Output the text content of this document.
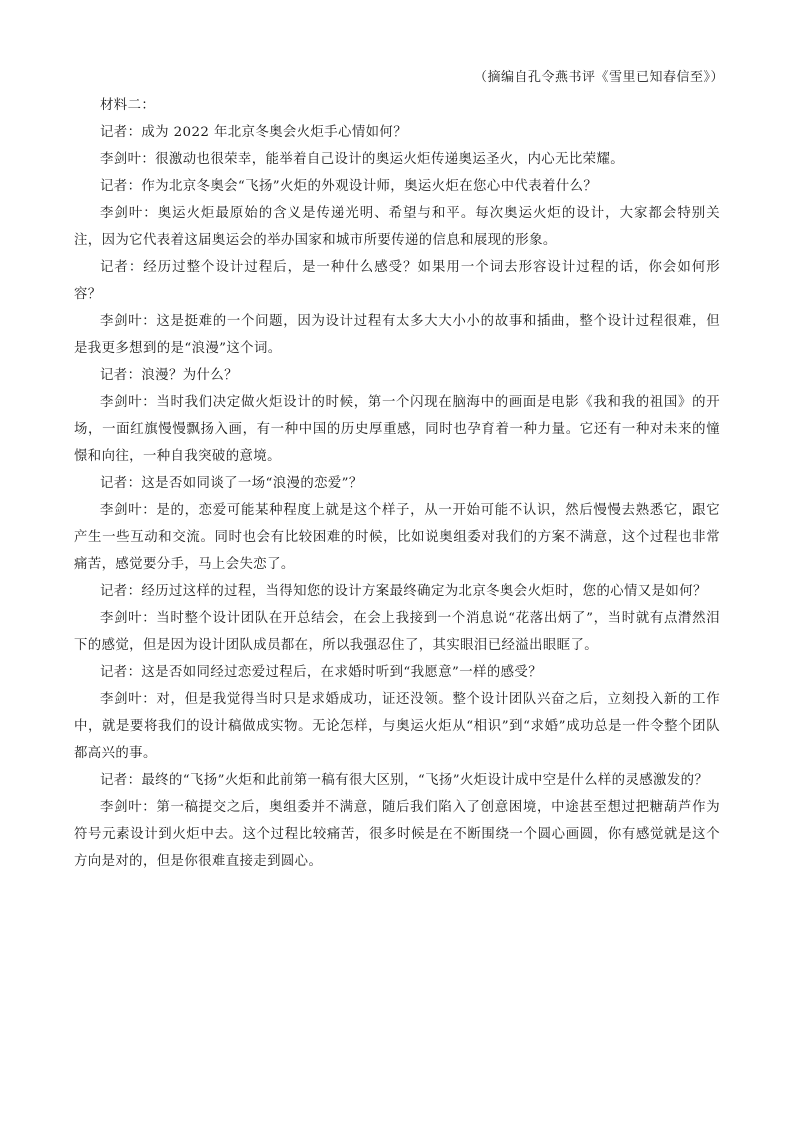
（摘编自孔令燕书评《雪里已知春信至》）

材料二：

记者：成为 2022 年北京冬奥会火炬手心情如何？

李剑叶：很激动也很荣幸，能举着自己设计的奥运火炬传递奥运圣火，内心无比荣耀。

记者：作为北京冬奥会“飞扬”火炬的外观设计师，奥运火炬在您心中代表着什么？

李剑叶：奥运火炬最原始的含义是传递光明、希望与和平。每次奥运火炬的设计，大家都会特别关注，因为它代表着这届奥运会的举办国家和城市所要传递的信息和展现的形象。

记者：经历过整个设计过程后，是一种什么感受？如果用一个词去形容设计过程的话，你会如何形容？

李剑叶：这是挺难的一个问题，因为设计过程有太多大大小小的故事和插曲，整个设计过程很难，但是我更多想到的是“浪漫”这个词。

记者：浪漫？为什么？

李剑叶：当时我们决定做火炬设计的时候，第一个闪现在脑海中的画面是电影《我和我的祖国》的开场，一面红旗慢慢飘扬入画，有一种中国的历史厚重感，同时也孕育着一种力量。它还有一种对未来的憧憬和向往，一种自我突破的意境。

记者：这是否如同谈了一场“浪漫的恋爱”？

李剑叶：是的，恋爱可能某种程度上就是这个样子，从一开始可能不认识，然后慢慢去熟悉它，跟它产生一些互动和交流。同时也会有比较困难的时候，比如说奥组委对我们的方案不满意，这个过程也非常痛苦，感觉要分手，马上会失恋了。

记者：经历过这样的过程，当得知您的设计方案最终确定为北京冬奥会火炬时，您的心情又是如何？

李剑叶：当时整个设计团队在开总结会，在会上我接到一个消息说“花落出炳了”，当时就有点潸然泪下的感觉，但是因为设计团队成员都在，所以我强忍住了，其实眼泪已经溢出眼眶了。

记者：这是否如同经过恋爱过程后，在求婚时听到“我愿意”一样的感受？

李剑叶：对，但是我觉得当时只是求婚成功，证还没领。整个设计团队兴奋之后，立刻投入新的工作中，就是要将我们的设计稿做成实物。无论怎样，与奥运火炬从“相识”到“求婚”成功总是一件令整个团队都高兴的事。

记者：最终的“飞扬”火炬和此前第一稿有很大区别，“飞扬”火炬设计成中空是什么样的灵感激发的？

李剑叶：第一稿提交之后，奥组委并不满意，随后我们陷入了创意困境，中途甚至想过把糖葫芦作为符号元素设计到火炬中去。这个过程比较痛苦，很多时候是在不断围绕一个圆心画圆，你有感觉就是这个方向是对的，但是你很难直接走到圆心。
